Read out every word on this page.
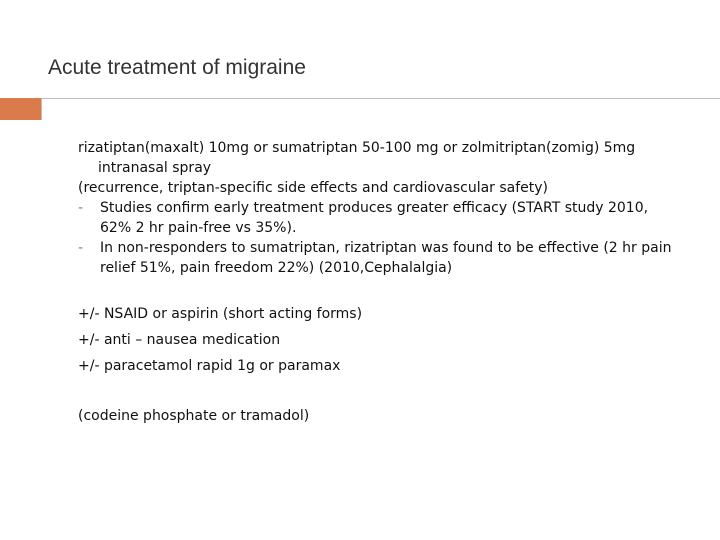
Acute treatment of migraine

rizatiptan(maxalt) 10mg or sumatriptan 50-100 mg or zolmitriptan(zomig) 5mg intranasal spray

(recurrence, triptan-specific side effects and cardiovascular safety)

- Studies confirm early treatment produces greater efficacy (START study 2010, 62% 2 hr pain-free vs 35%).
- In non-responders to sumatriptan, rizatriptan was found to be effective (2 hr pain relief 51%, pain freedom 22%) (2010,Cephalalgia)

+/- NSAID or aspirin (short acting forms)

+/- anti – nausea medication

+/- paracetamol rapid 1g or paramax

(codeine phosphate or tramadol)
